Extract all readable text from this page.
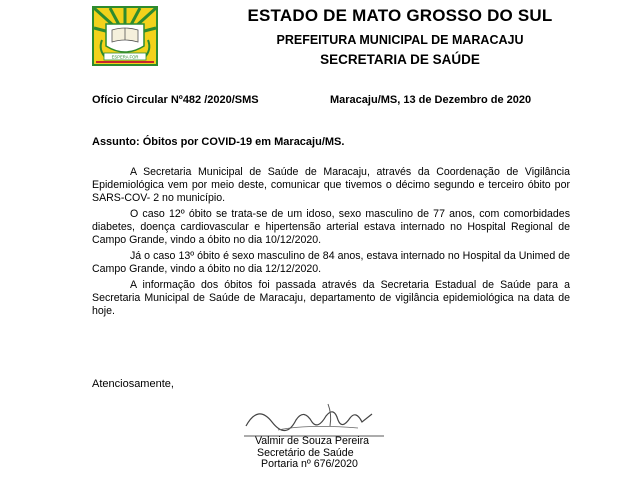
ESPERA FOR
ESTADO DE MATO GROSSO DO SUL
PREFEITURA MUNICIPAL DE MARACAJU
SECRETARIA DE SAÚDE
Ofício Circular Nº482 /2020/SMS	Maracaju/MS, 13 de Dezembro de 2020
Assunto: Óbitos por COVID-19 em Maracaju/MS.

A Secretaria Municipal de Saúde de Maracaju, através da Coordenação de Vigilância Epidemiológica vem por meio deste, comunicar que tivemos o décimo segundo e terceiro óbito por SARS-COV- 2 no município.

O caso 12º óbito se trata-se de um idoso, sexo masculino de 77 anos, com comorbidades diabetes, doença cardiovascular e hipertensão arterial estava internado no Hospital Regional de Campo Grande, vindo a óbito no dia 10/12/2020.

Já o caso 13º óbito é sexo masculino de 84 anos, estava internado no Hospital da Unimed de Campo Grande, vindo a óbito no dia 12/12/2020.

A informação dos óbitos foi passada através da Secretaria Estadual de Saúde para a Secretaria Municipal de Saúde de Maracaju, departamento de vigilância epidemiológica na data de hoje.

Atenciosamente,
Valmir de Souza Pereira
Secretário de Saúde
Portaria nº 676/2020
